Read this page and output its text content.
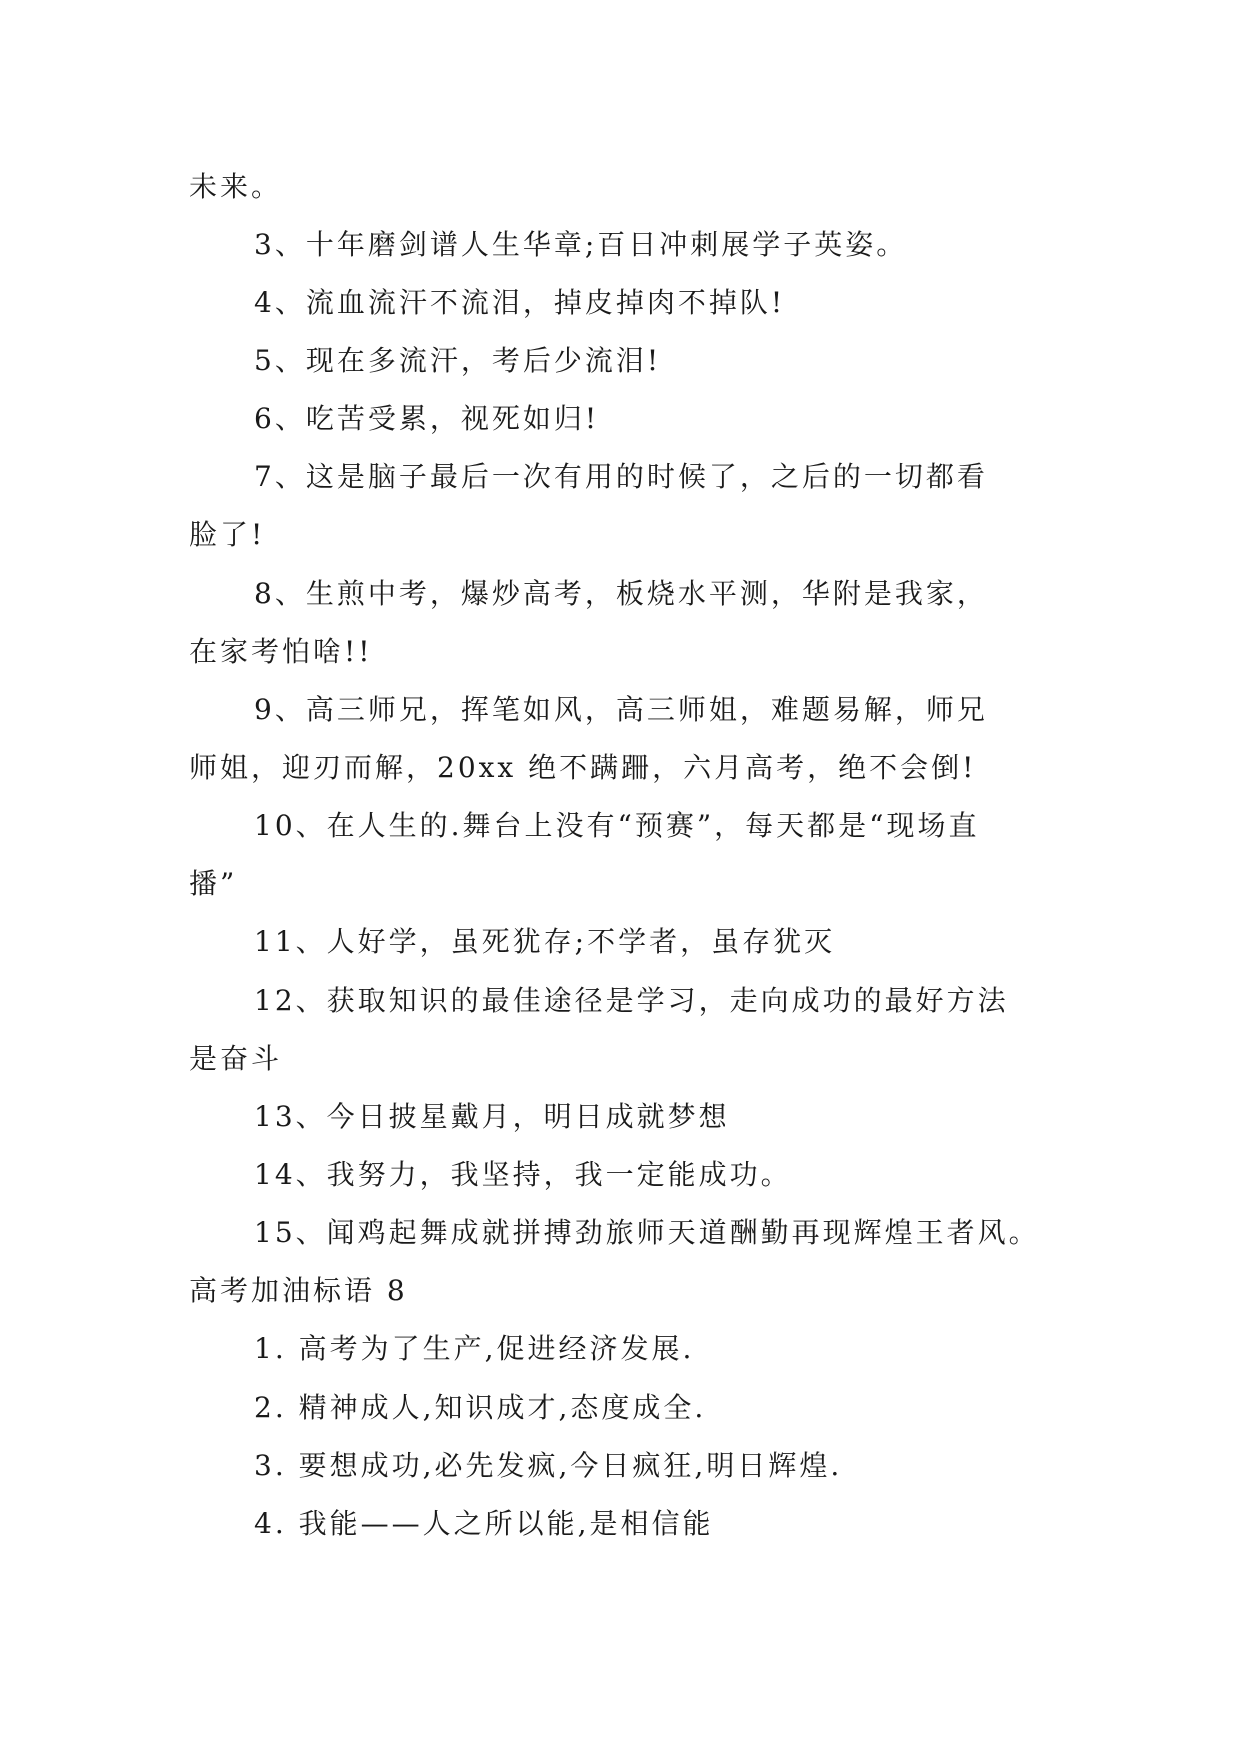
未来。
3、十年磨剑谱人生华章;百日冲刺展学子英姿。
4、流血流汗不流泪，掉皮掉肉不掉队!
5、现在多流汗，考后少流泪!
6、吃苦受累，视死如归!
7、这是脑子最后一次有用的时候了，之后的一切都看
脸了!
8、生煎中考，爆炒高考，板烧水平测，华附是我家，
在家考怕啥!!
9、高三师兄，挥笔如风，高三师姐，难题易解，师兄
师姐，迎刃而解，20xx 绝不蹒跚，六月高考，绝不会倒!
10、在人生的.舞台上没有“预赛”，每天都是“现场直
播”
11、人好学，虽死犹存;不学者，虽存犹灭
12、获取知识的最佳途径是学习，走向成功的最好方法
是奋斗
13、今日披星戴月，明日成就梦想
14、我努力，我坚持，我一定能成功。
15、闻鸡起舞成就拼搏劲旅师天道酬勤再现辉煌王者风。
高考加油标语 8
1. 高考为了生产,促进经济发展.
2. 精神成人,知识成才,态度成全.
3. 要想成功,必先发疯,今日疯狂,明日辉煌.
4. 我能——人之所以能,是相信能
